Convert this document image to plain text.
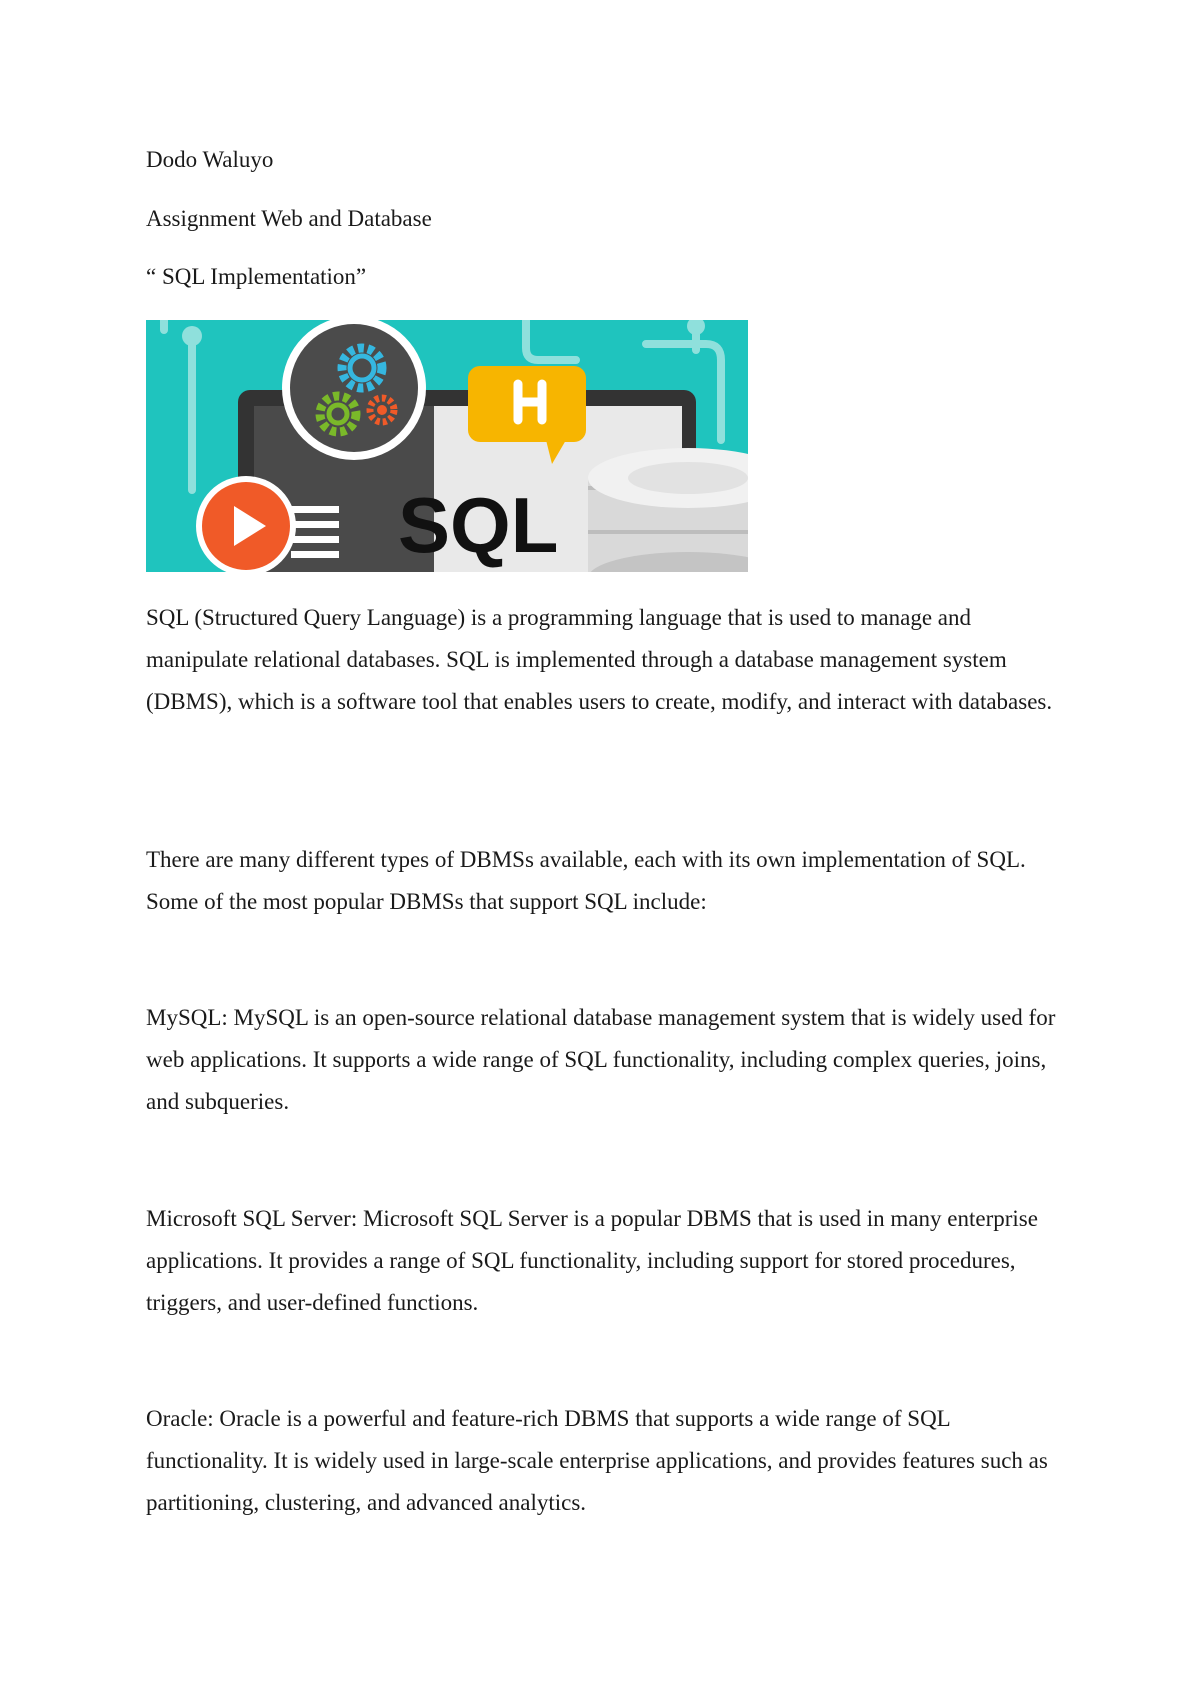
Dodo Waluyo
Assignment Web and Database
“ SQL Implementation”
SQL
SQL (Structured Query Language) is a programming language that is used to manage and manipulate relational databases. SQL is implemented through a database management system (DBMS), which is a software tool that enables users to create, modify, and interact with databases.
There are many different types of DBMSs available, each with its own implementation of SQL. Some of the most popular DBMSs that support SQL include:
MySQL: MySQL is an open-source relational database management system that is widely used for web applications. It supports a wide range of SQL functionality, including complex queries, joins, and subqueries.
Microsoft SQL Server: Microsoft SQL Server is a popular DBMS that is used in many enterprise applications. It provides a range of SQL functionality, including support for stored procedures, triggers, and user-defined functions.
Oracle: Oracle is a powerful and feature-rich DBMS that supports a wide range of SQL functionality. It is widely used in large-scale enterprise applications, and provides features such as partitioning, clustering, and advanced analytics.
